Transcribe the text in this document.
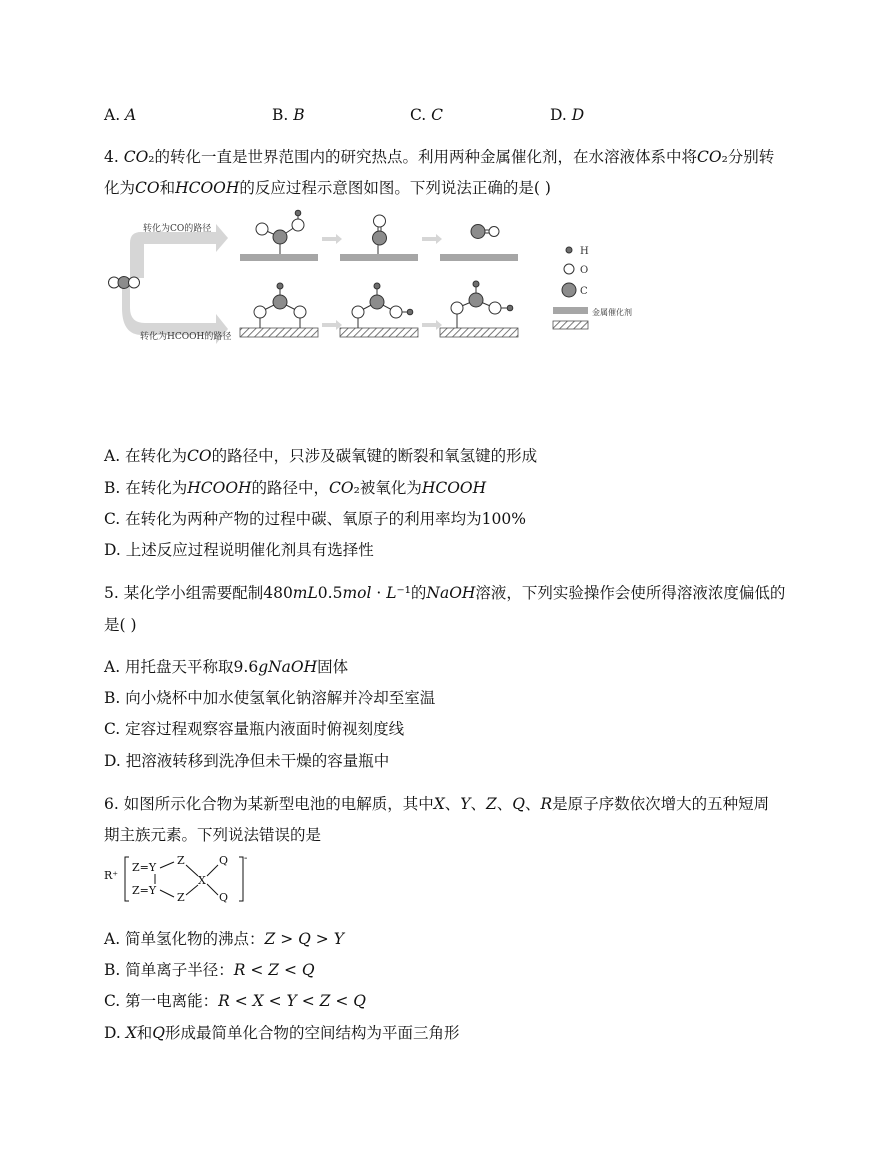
A. 𝐴	B. 𝐵	C. 𝐶	D. 𝐷
4. 𝐶𝑂₂的转化一直是世界范围内的研究热点。利用两种金属催化剂，在水溶液体系中将𝐶𝑂₂分别转
化为𝐶𝑂和𝐻𝐶𝑂𝑂𝐻的反应过程示意图如图。下列说法正确的是( )
转化为CO的路径
转化为HCOOH的路径
H
O
C
金属催化剂
A. 在转化为𝐶𝑂的路径中，只涉及碳氧键的断裂和氧氢键的形成
B. 在转化为𝐻𝐶𝑂𝑂𝐻的路径中，𝐶𝑂₂被氧化为𝐻𝐶𝑂𝑂𝐻
C. 在转化为两种产物的过程中碳、氧原子的利用率均为100%
D. 上述反应过程说明催化剂具有选择性
5. 某化学小组需要配制480𝑚𝐿0.5𝑚𝑜𝑙 · 𝐿⁻¹的𝑁𝑎𝑂𝐻溶液，下列实验操作会使所得溶液浓度偏低的
是( )
A. 用托盘天平称取9.6𝑔𝑁𝑎𝑂𝐻固体
B. 向小烧杯中加水使氢氧化钠溶解并冷却至室温
C. 定容过程观察容量瓶内液面时俯视刻度线
D. 把溶液转移到洗净但未干燥的容量瓶中
6. 如图所示化合物为某新型电池的电解质，其中𝑋、𝑌、𝑍、𝑄、𝑅是原子序数依次增大的五种短周
期主族元素。下列说法错误的是
R⁺
-
Z=Y
Z=Y
Z
Z
X
Q
Q
A. 简单氢化物的沸点：𝑍 > 𝑄 > 𝑌
B. 简单离子半径：𝑅 < 𝑍 < 𝑄
C. 第一电离能：𝑅 < 𝑋 < 𝑌 < 𝑍 < 𝑄
D. 𝑋和𝑄形成最简单化合物的空间结构为平面三角形
